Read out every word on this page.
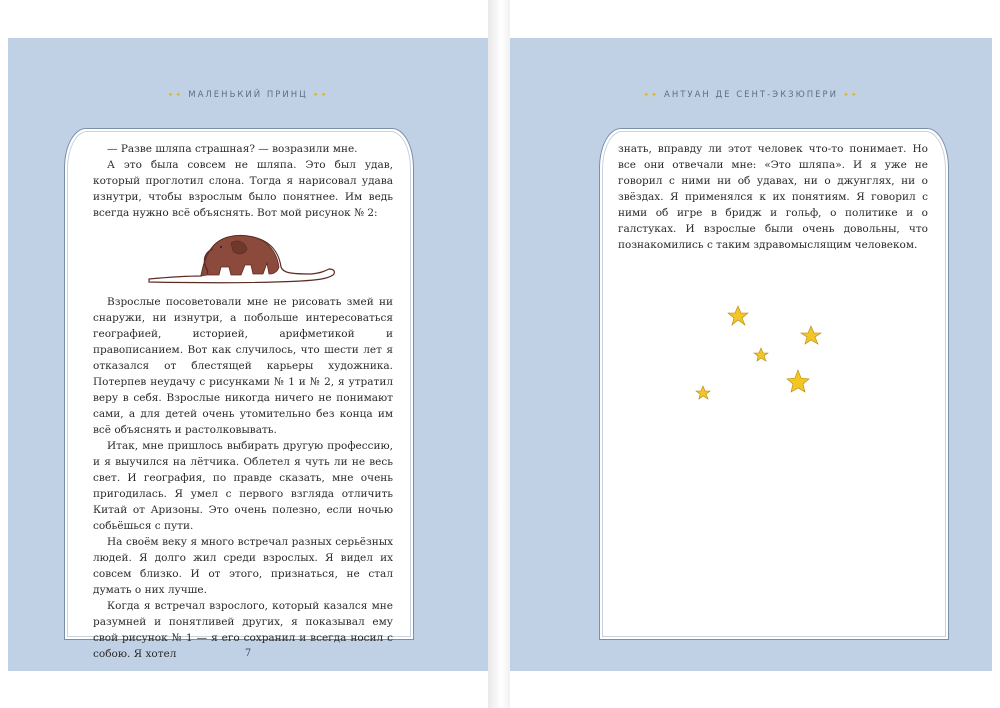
✦✦ МАЛЕНЬКИЙ ПРИНЦ ✦✦

— Разве шляпа страшная? — возразили мне.

А это была совсем не шляпа. Это был удав, который проглотил слона. Тогда я нарисовал удава изнутри, чтобы взрослым было понятнее. Им ведь всегда нужно всё объяснять. Вот мой рисунок № 2:

Взрослые посоветовали мне не рисовать змей ни снаружи, ни изнутри, а побольше интересоваться географией, историей, арифметикой и правописанием. Вот как случилось, что шести лет я отказался от блестящей карьеры художника. Потерпев неудачу с рисунками № 1 и № 2, я утратил веру в себя. Взрослые никогда ничего не понимают сами, а для детей очень утомительно без конца им всё объяснять и растолковывать.

Итак, мне пришлось выбирать другую профессию, и я выучился на лётчика. Облетел я чуть ли не весь свет. И география, по правде сказать, мне очень пригодилась. Я умел с первого взгляда отличить Китай от Аризоны. Это очень полезно, если ночью собьёшься с пути.

На своём веку я много встречал разных серьёзных людей. Я долго жил среди взрослых. Я видел их совсем близко. И от этого, признаться, не стал думать о них лучше.

Когда я встречал взрослого, который казался мне разумней и понятливей других, я показывал ему свой рисунок № 1 — я его сохранил и всегда носил с собою. Я хотел	7
✦✦ АНТУАН ДЕ СЕНТ-ЭКЗЮПЕРИ ✦✦

знать, вправду ли этот человек что-то понимает. Но все они отвечали мне: «Это шляпа». И я уже не говорил с ними ни об удавах, ни о джунглях, ни о звёздах. Я применялся к их понятиям. Я говорил с ними об игре в бридж и гольф, о политике и о галстуках. И взрослые были очень довольны, что познакомились с таким здравомыслящим человеком.
